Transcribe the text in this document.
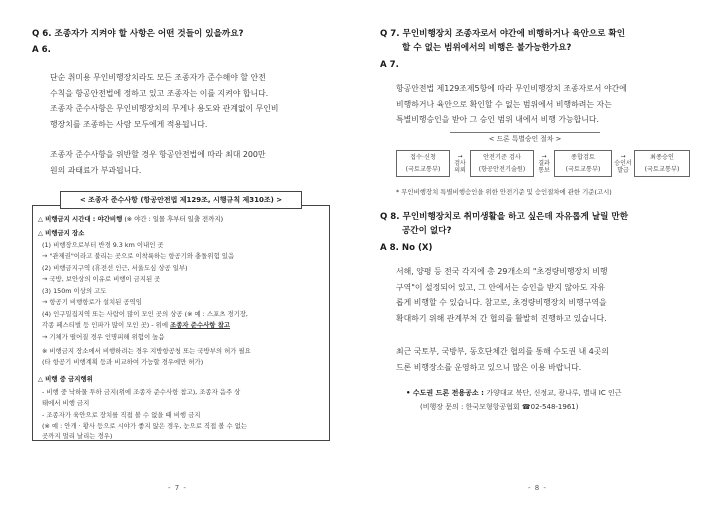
Q 6. 조종자가 지켜야 할 사항은 어떤 것들이 있을까요?
A 6.
단순 취미용 무인비행장치라도 모든 조종자가 준수해야 할 안전
수칙을 항공안전법에 정하고 있고 조종자는 이를 지켜야 합니다.
조종자 준수사항은 무인비행장치의 무게나 용도와 관계없이 무인비
행장치를 조종하는 사람 모두에게 적용됩니다.
조종자 준수사항을 위반할 경우 항공안전법에 따라 최대 200만
원의 과태료가 부과됩니다.
< 조종자 준수사항 (항공안전법 제129조, 시행규칙 제310조) >
△ 비행금지 시간대 : 야간비행 (※ 야간 : 일몰 후부터 일출 전까지)
△ 비행금지 장소
(1) 비행장으로부터 반경 9.3 km 이내인 곳
→ "관제권"이라고 불리는 곳으로 이착륙하는 항공기와 충돌위험 있음
(2) 비행금지구역 (휴전선 인근, 서울도심 상공 일부)
→ 국방, 보안상의 이유로 비행이 금지된 곳
(3) 150m 이상의 고도
→ 항공기 비행항로가 설치된 공역임
(4) 인구밀집지역 또는 사람이 많이 모인 곳의 상공 (※ 예 : 스포츠 경기장,
각종 페스티벌 등 인파가 많이 모인 곳) - 위에 조종자 준수사항 참고
→ 기체가 떨어질 경우 인명피해 위험이 높음
※ 비행금지 장소에서 비행하려는 경우 지방항공청 또는 국방부의 허가 필요
(타 항공기 비행계획 등과 비교하여 가능할 경우에만 허가)
△ 비행 중 금지행위
- 비행 중 낙하물 투하 금지(위에 조종자 준수사항 참고), 조종자 음주 상
태에서 비행 금지
- 조종자가 육안으로 장치를 직접 볼 수 없을 때 비행 금지
(※ 예 : 안개 · 황사 등으로 시야가 좋지 않은 경우, 눈으로 직접 볼 수 없는
곳까지 멀리 날리는 경우)
- 7 -
Q 7. 무인비행장치 조종자로서 야간에 비행하거나 육안으로 확인
할 수 없는 범위에서의 비행은 불가능한가요?
A 7.
항공안전법 제129조제5항에 따라 무인비행장치 조종자로서 야간에
비행하거나 육안으로 확인할 수 없는 범위에서 비행하려는 자는
특별비행승인을 받아 그 승인 범위 내에서 비행 가능합니다.
< 드론 특별승인 절차 >
접수·신청
(국토교통부)
→
검사
의뢰
안전기준 검사
(항공안전기술원)
→
결과
통보
종합검토
(국토교통부)
→
승인서
발급
최종승인
(국토교통부)
* 무인비행장치 특별비행승인을 위한 안전기준 및 승인절차에 관한 기준(고시)
Q 8. 무인비행장치로 취미생활을 하고 싶은데 자유롭게 날릴 만한
공간이 없다?
A 8. No (X)
서해, 양평 등 전국 각지에 총 29개소의 "초경량비행장치 비행
구역"이 설정되어 있고, 그 안에서는 승인을 받지 않아도 자유
롭게 비행할 수 있습니다. 참고로, 초경량비행장치 비행구역을
확대하기 위해 관계부처 간 협의를 활발히 진행하고 있습니다.
최근 국토부, 국방부, 동호단체간 협의를 통해 수도권 내 4곳의
드론 비행장소를 운영하고 있으니 많은 이용 바랍니다.
• 수도권 드론 전용공소 : 가양대교 북단, 신정교, 광나루, 별내 IC 인근
(비행장 문의 : 한국모형항공협회 ☎02-548-1961)
- 8 -
